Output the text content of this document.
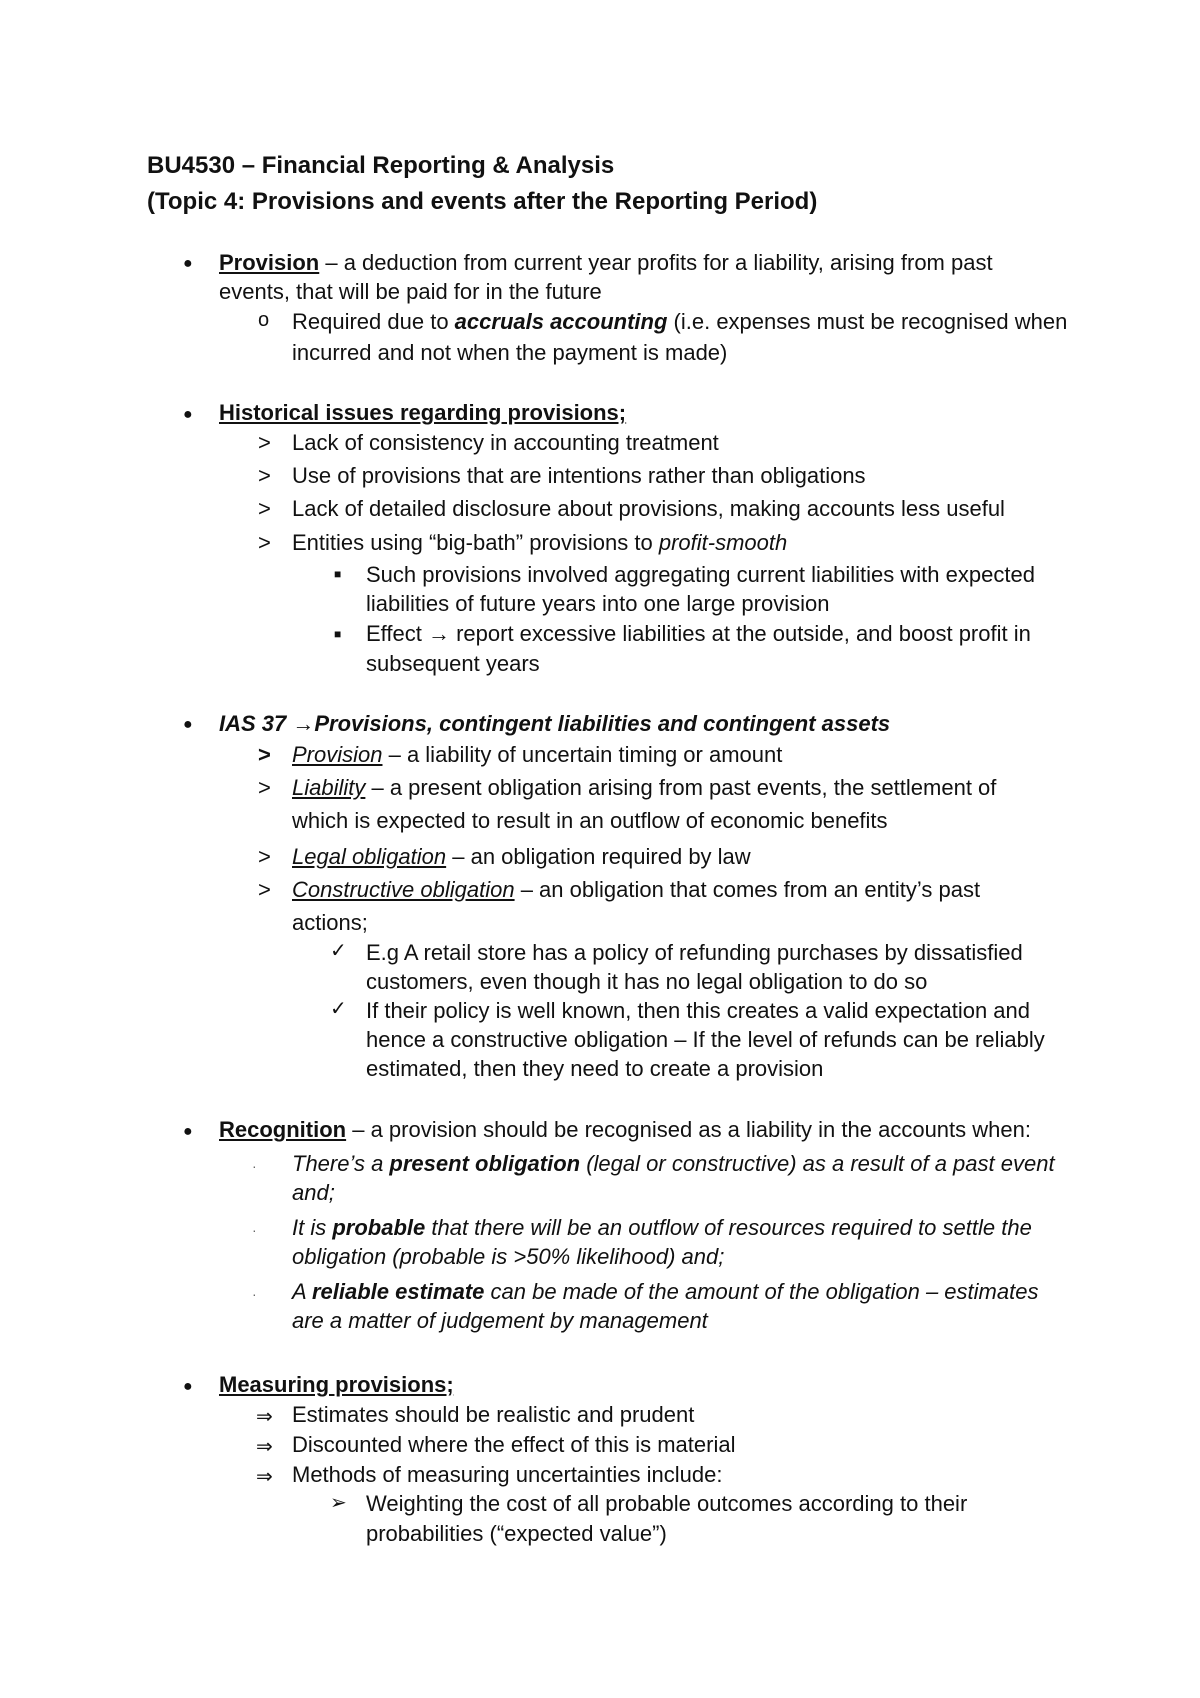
BU4530 – Financial Reporting & Analysis
(Topic 4: Provisions and events after the Reporting Period)
● Provision – a deduction from current year profits for a liability, arising from past
events, that will be paid for in the future
o Required due to accruals accounting (i.e. expenses must be recognised when
incurred and not when the payment is made)
● Historical issues regarding provisions;
> Lack of consistency in accounting treatment
> Use of provisions that are intentions rather than obligations
> Lack of detailed disclosure about provisions, making accounts less useful
> Entities using “big-bath” provisions to profit-smooth
■ Such provisions involved aggregating current liabilities with expected
liabilities of future years into one large provision
■ Effect → report excessive liabilities at the outside, and boost profit in
subsequent years
● IAS 37 →Provisions, contingent liabilities and contingent assets
> Provision – a liability of uncertain timing or amount
> Liability – a present obligation arising from past events, the settlement of
which is expected to result in an outflow of economic benefits
> Legal obligation – an obligation required by law
> Constructive obligation – an obligation that comes from an entity’s past
actions;
✓ E.g A retail store has a policy of refunding purchases by dissatisfied
customers, even though it has no legal obligation to do so
✓ If their policy is well known, then this creates a valid expectation and
hence a constructive obligation – If the level of refunds can be reliably
estimated, then they need to create a provision
● Recognition – a provision should be recognised as a liability in the accounts when:
· There’s a present obligation (legal or constructive) as a result of a past event
and;
· It is probable that there will be an outflow of resources required to settle the
obligation (probable is >50% likelihood) and;
· A reliable estimate can be made of the amount of the obligation – estimates
are a matter of judgement by management
● Measuring provisions;
⇒ Estimates should be realistic and prudent
⇒ Discounted where the effect of this is material
⇒ Methods of measuring uncertainties include:
➢ Weighting the cost of all probable outcomes according to their
probabilities (“expected value”)
